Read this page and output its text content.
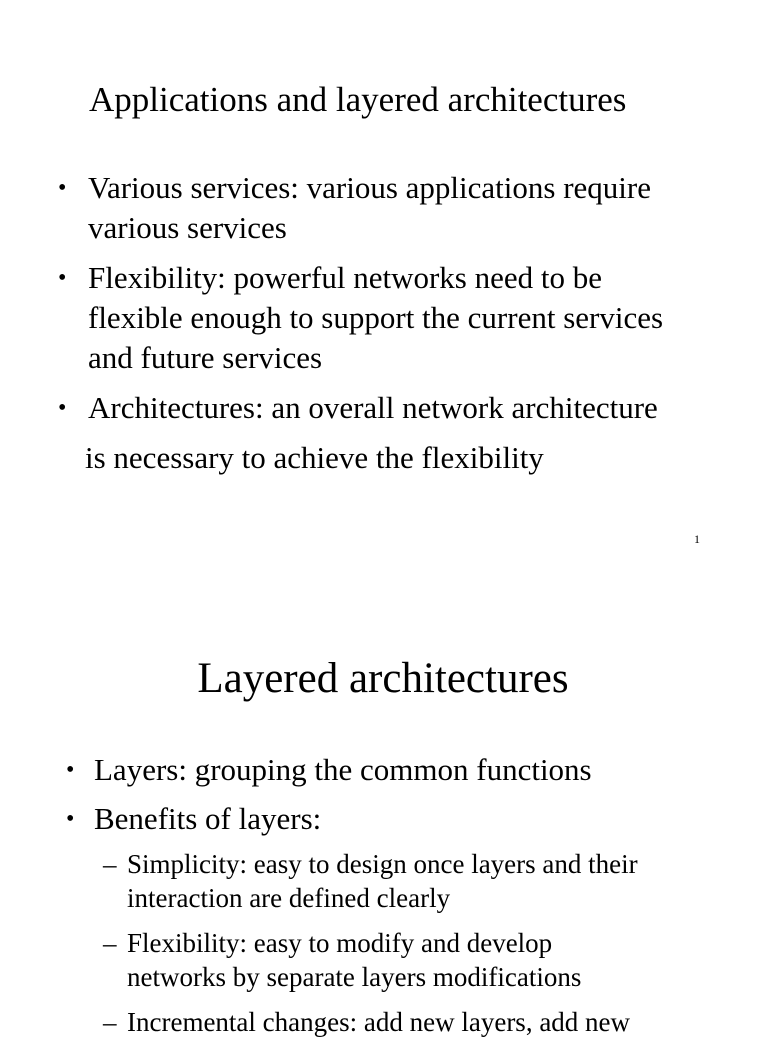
Applications and layered architectures
• Various services: various applications require
various services
• Flexibility: powerful networks need to be
flexible enough to support the current services
and future services
• Architectures: an overall network architecture
is necessary to achieve the flexibility
1
Layered architectures
• Layers: grouping the common functions
• Benefits of layers:
– Simplicity: easy to design once layers and their
interaction are defined clearly
– Flexibility: easy to modify and develop
networks by separate layers modifications
– Incremental changes: add new layers, add new
